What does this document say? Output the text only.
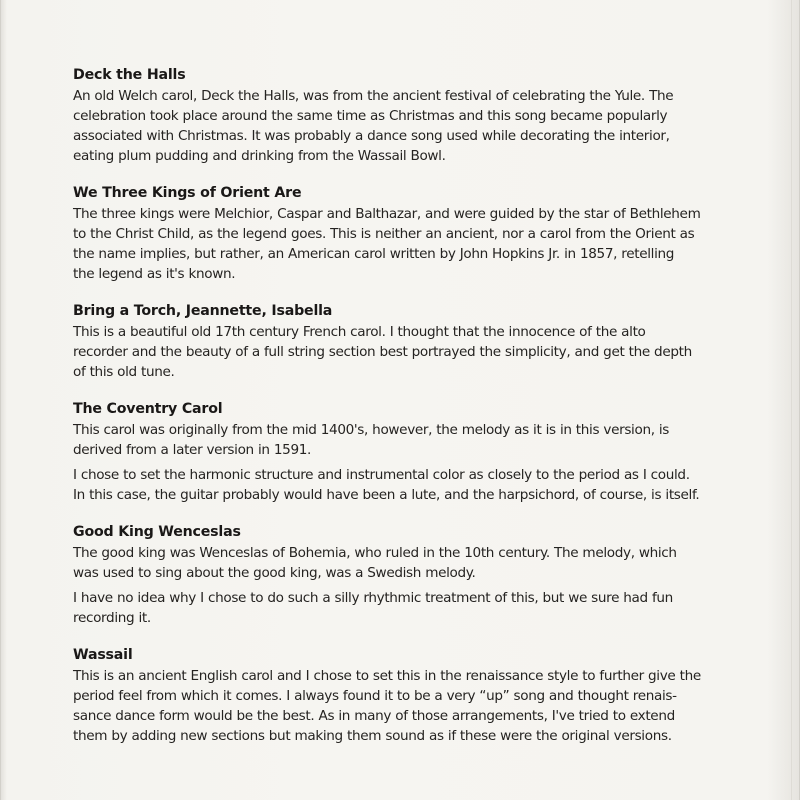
Deck the Halls

An old Welch carol, Deck the Halls, was from the ancient festival of celebrating the Yule. The
celebration took place around the same time as Christmas and this song became popularly
associated with Christmas. It was probably a dance song used while decorating the interior,
eating plum pudding and drinking from the Wassail Bowl.

We Three Kings of Orient Are

The three kings were Melchior, Caspar and Balthazar, and were guided by the star of Bethlehem
to the Christ Child, as the legend goes. This is neither an ancient, nor a carol from the Orient as
the name implies, but rather, an American carol written by John Hopkins Jr. in 1857, retelling
the legend as it's known.

Bring a Torch, Jeannette, Isabella

This is a beautiful old 17th century French carol. I thought that the innocence of the alto
recorder and the beauty of a full string section best portrayed the simplicity, and get the depth
of this old tune.

The Coventry Carol

This carol was originally from the mid 1400's, however, the melody as it is in this version, is
derived from a later version in 1591.

I chose to set the harmonic structure and instrumental color as closely to the period as I could.
In this case, the guitar probably would have been a lute, and the harpsichord, of course, is itself.

Good King Wenceslas

The good king was Wenceslas of Bohemia, who ruled in the 10th century. The melody, which
was used to sing about the good king, was a Swedish melody.

I have no idea why I chose to do such a silly rhythmic treatment of this, but we sure had fun
recording it.

Wassail

This is an ancient English carol and I chose to set this in the renaissance style to further give the
period feel from which it comes. I always found it to be a very “up” song and thought renais-
sance dance form would be the best. As in many of those arrangements, I've tried to extend
them by adding new sections but making them sound as if these were the original versions.
